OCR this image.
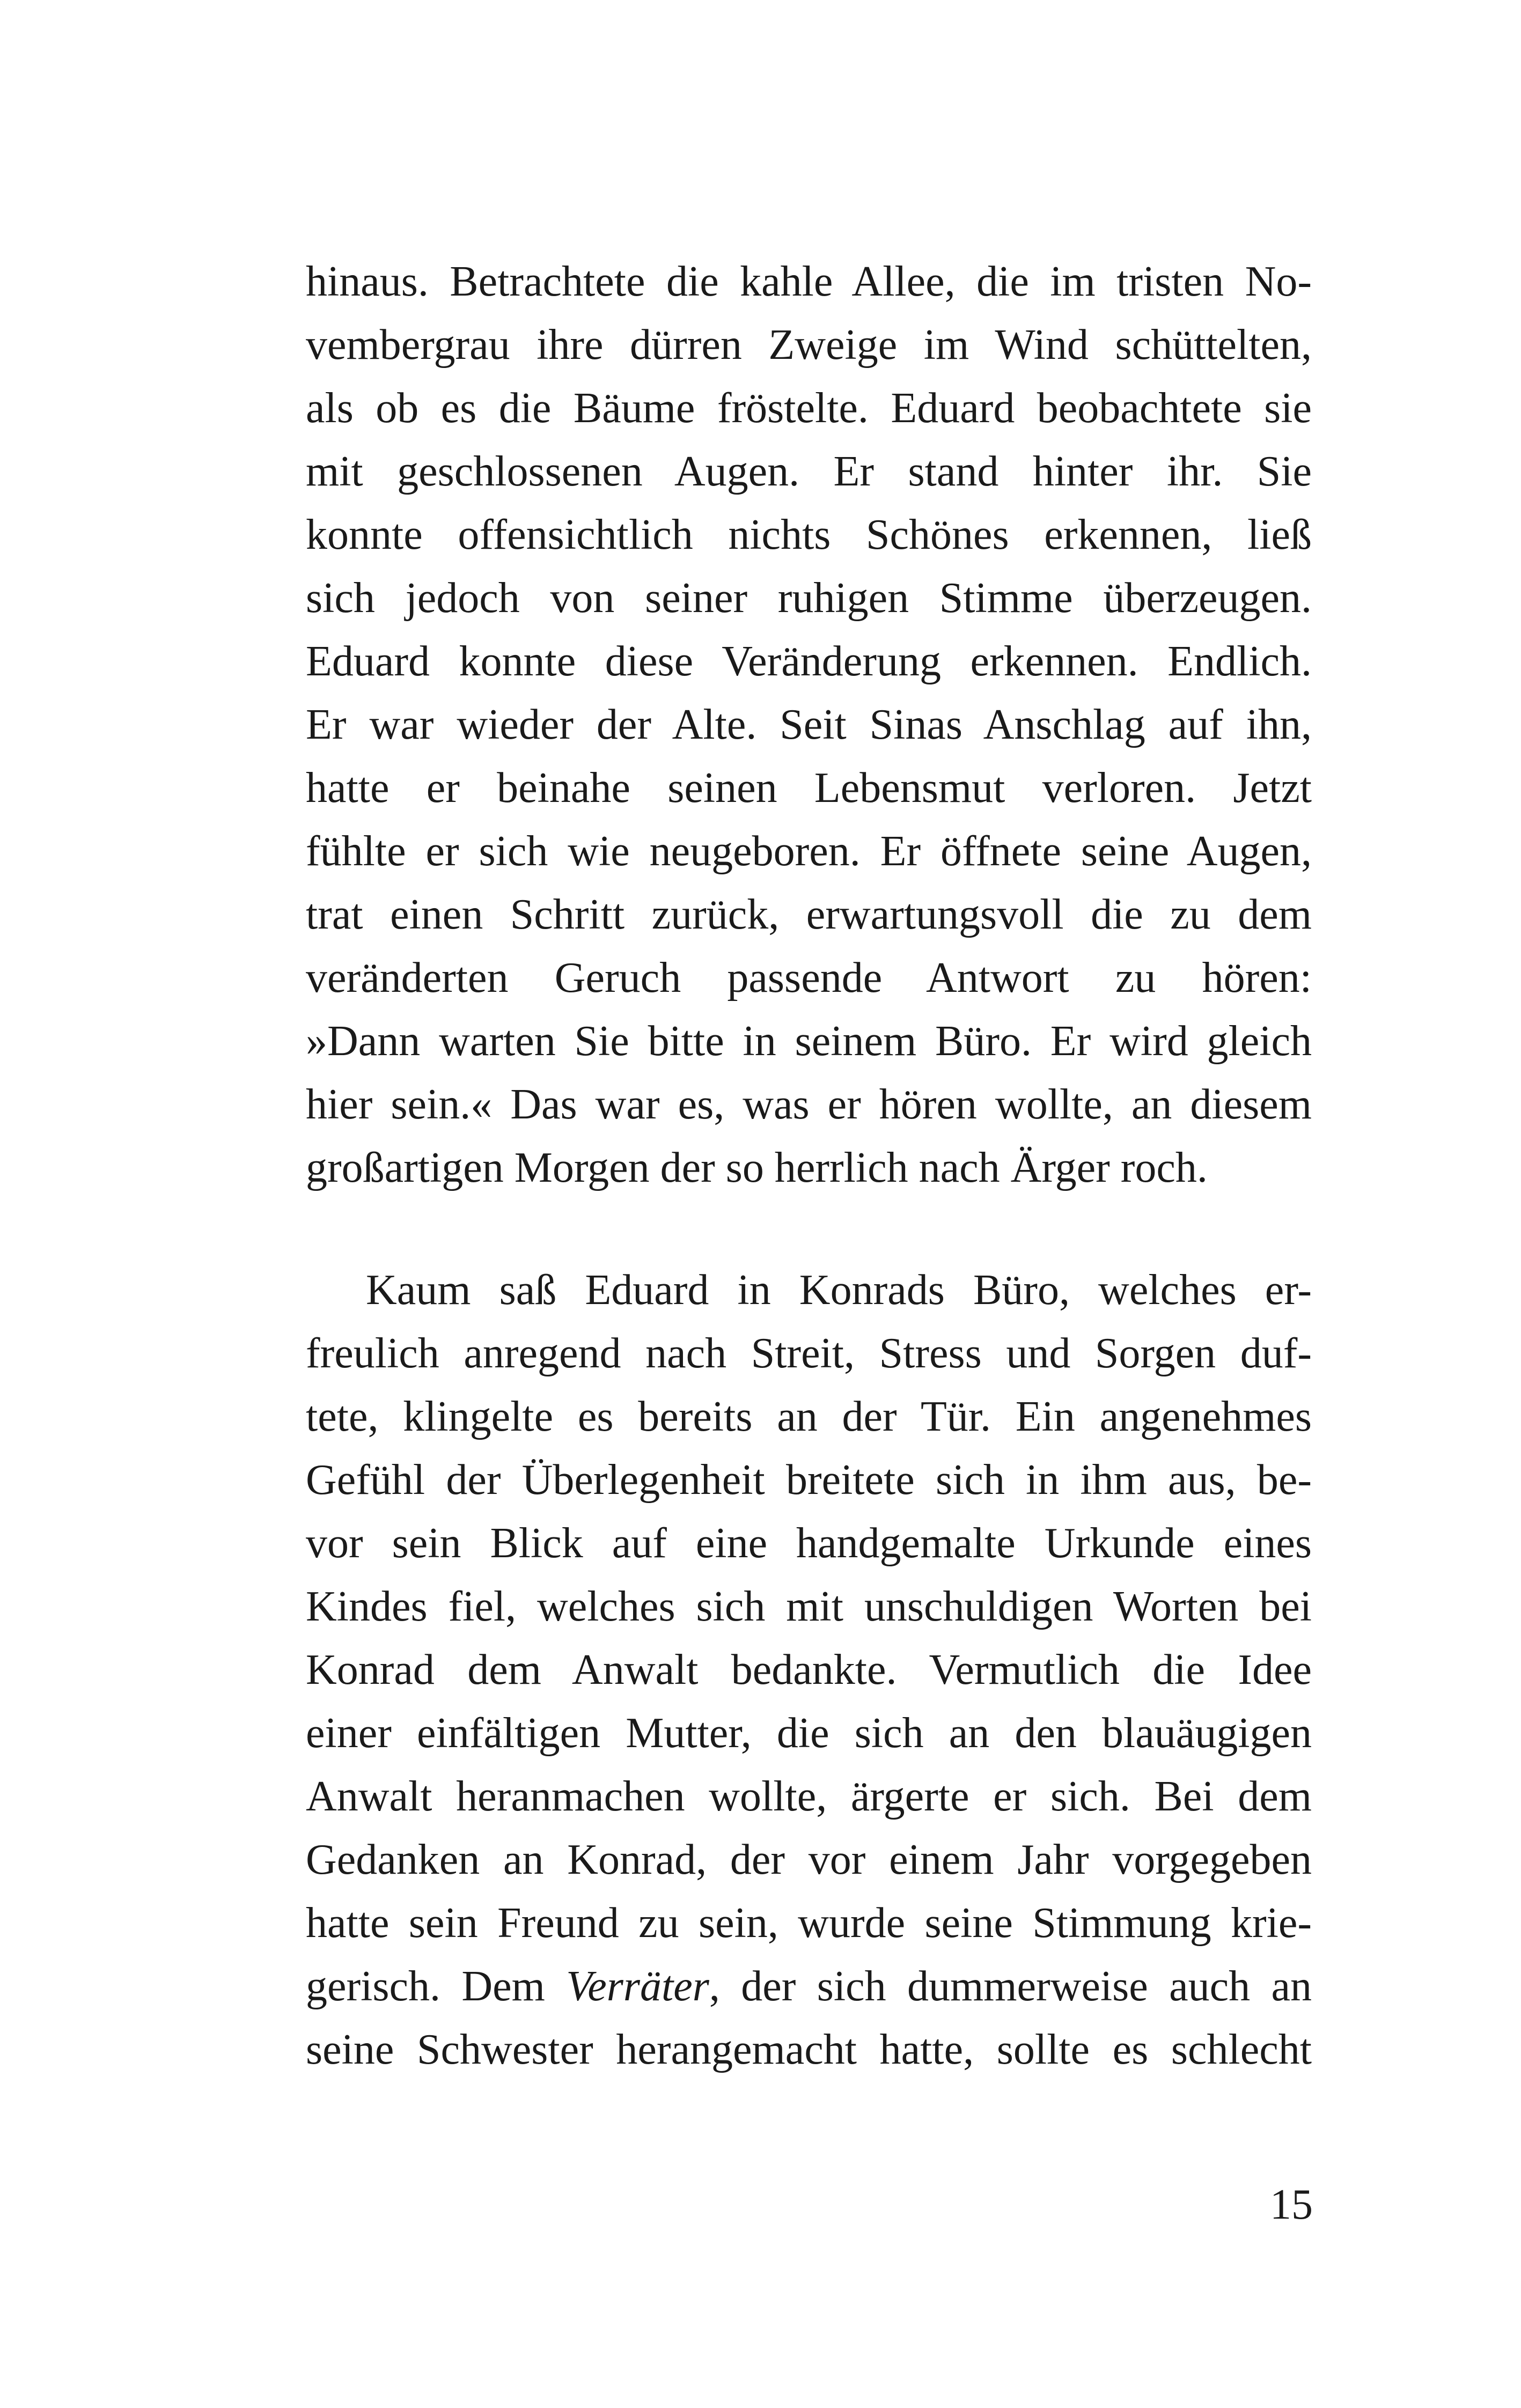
hinaus. Betrachtete die kahle Allee, die im tristen No-
vembergrau ihre dürren Zweige im Wind schüttelten,
als ob es die Bäume fröstelte. Eduard beobachtete sie
mit geschlossenen Augen. Er stand hinter ihr. Sie
konnte offensichtlich nichts Schönes erkennen, ließ
sich jedoch von seiner ruhigen Stimme überzeugen.
Eduard konnte diese Veränderung erkennen. Endlich.
Er war wieder der Alte. Seit Sinas Anschlag auf ihn,
hatte er beinahe seinen Lebensmut verloren. Jetzt
fühlte er sich wie neugeboren. Er öffnete seine Augen,
trat einen Schritt zurück, erwartungsvoll die zu dem
veränderten Geruch passende Antwort zu hören:
»Dann warten Sie bitte in seinem Büro. Er wird gleich
hier sein.« Das war es, was er hören wollte, an diesem
großartigen Morgen der so herrlich nach Ärger roch.
Kaum saß Eduard in Konrads Büro, welches er-
freulich anregend nach Streit, Stress und Sorgen duf-
tete, klingelte es bereits an der Tür. Ein angenehmes
Gefühl der Überlegenheit breitete sich in ihm aus, be-
vor sein Blick auf eine handgemalte Urkunde eines
Kindes fiel, welches sich mit unschuldigen Worten bei
Konrad dem Anwalt bedankte. Vermutlich die Idee
einer einfältigen Mutter, die sich an den blauäugigen
Anwalt heranmachen wollte, ärgerte er sich. Bei dem
Gedanken an Konrad, der vor einem Jahr vorgegeben
hatte sein Freund zu sein, wurde seine Stimmung krie-
gerisch. Dem Verräter, der sich dummerweise auch an
seine Schwester herangemacht hatte, sollte es schlecht
15
